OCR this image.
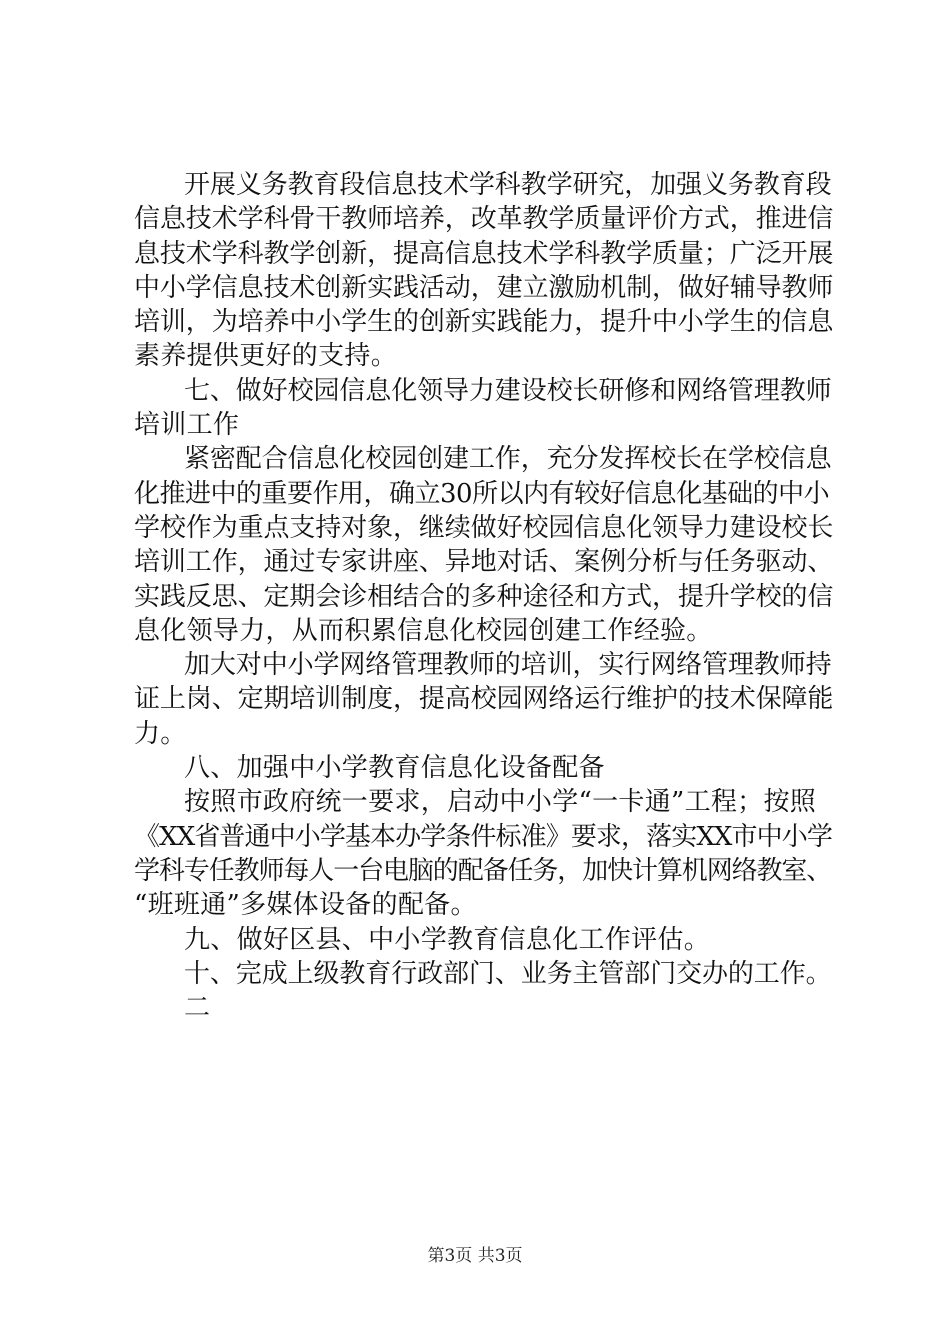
开展义务教育段信息技术学科教学研究，加强义务教育段
信息技术学科骨干教师培养，改革教学质量评价方式，推进信
息技术学科教学创新，提高信息技术学科教学质量；广泛开展
中小学信息技术创新实践活动，建立激励机制，做好辅导教师
培训，为培养中小学生的创新实践能力，提升中小学生的信息
素养提供更好的支持。
七、做好校园信息化领导力建设校长研修和网络管理教师
培训工作
紧密配合信息化校园创建工作，充分发挥校长在学校信息
化推进中的重要作用，确立30所以内有较好信息化基础的中小
学校作为重点支持对象，继续做好校园信息化领导力建设校长
培训工作，通过专家讲座、异地对话、案例分析与任务驱动、
实践反思、定期会诊相结合的多种途径和方式，提升学校的信
息化领导力，从而积累信息化校园创建工作经验。
加大对中小学网络管理教师的培训，实行网络管理教师持
证上岗、定期培训制度，提高校园网络运行维护的技术保障能
力。
八、加强中小学教育信息化设备配备
按照市政府统一要求，启动中小学“一卡通”工程；按照
《XX省普通中小学基本办学条件标准》要求，落实XX市中小学
学科专任教师每人一台电脑的配备任务，加快计算机网络教室、
“班班通”多媒体设备的配备。
九、做好区县、中小学教育信息化工作评估。
十、完成上级教育行政部门、业务主管部门交办的工作。
二
第3页 共3页
